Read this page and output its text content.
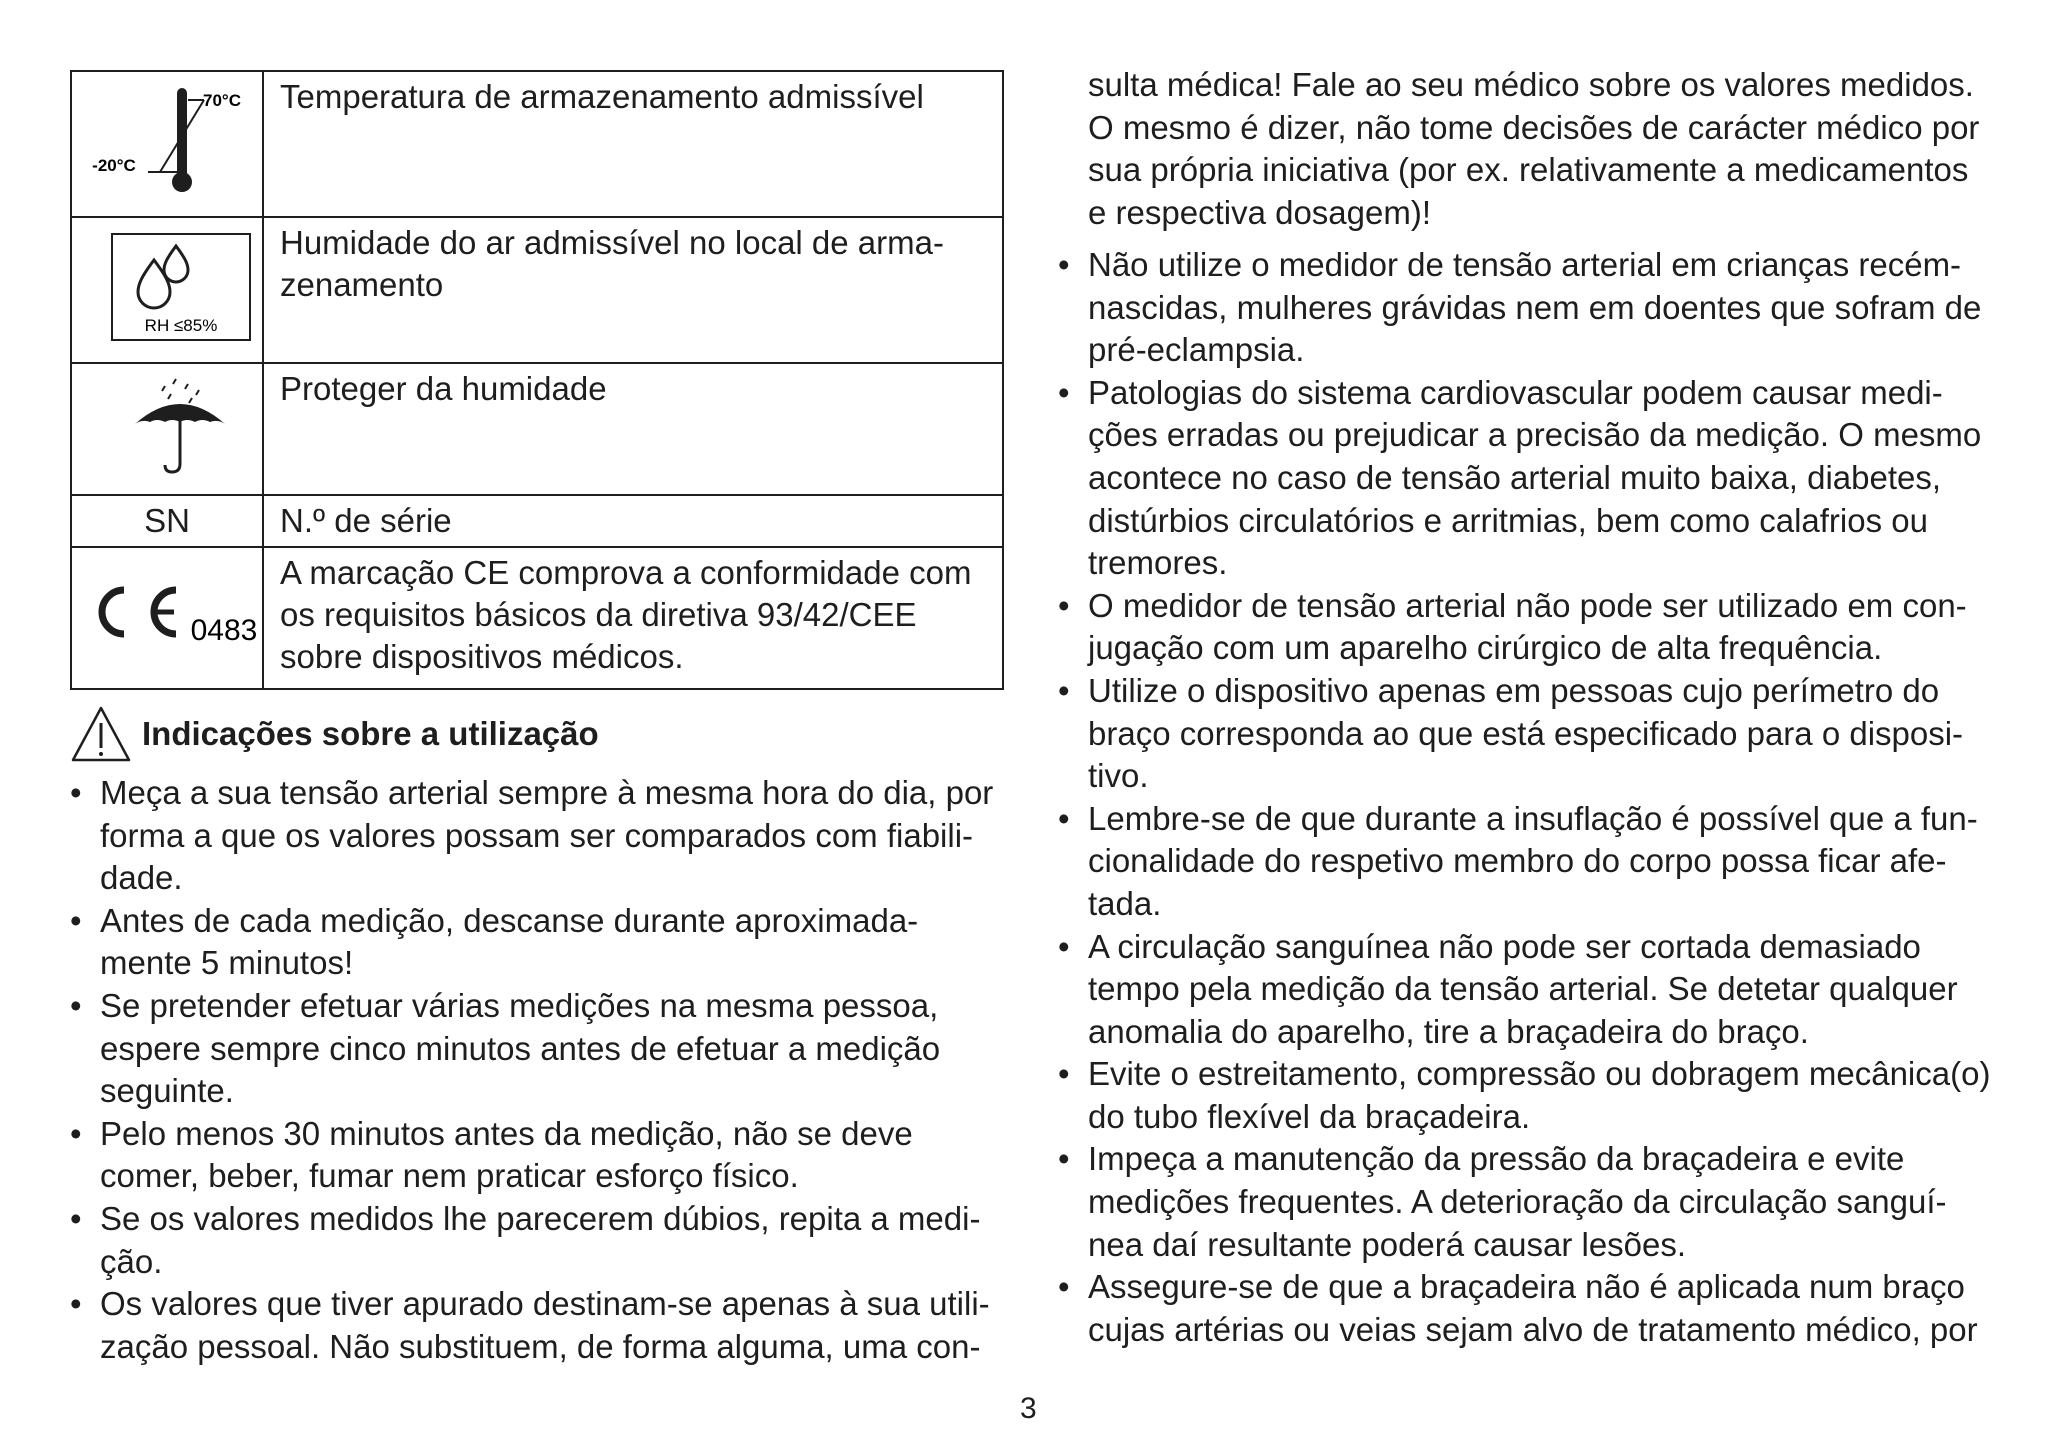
70°C
-20°C	Temperatura de armazenamento admissível

RH ≤85%	Humidade do ar admissível no local de arma-zenamento
	Proteger da humidade
SN	N.º de série

0483	A marcação CE comprova a conformidade com os requisitos básicos da diretiva 93/42/CEE sobre dispositivos médicos.
Indicações sobre a utilização
• Meça a sua tensão arterial sempre à mesma hora do dia, por forma a que os valores possam ser comparados com fiabili-dade.
• Antes de cada medição, descanse durante aproximada-mente 5 minutos!
• Se pretender efetuar várias medições na mesma pessoa, espere sempre cinco minutos antes de efetuar a medição seguinte.
• Pelo menos 30 minutos antes da medição, não se deve comer, beber, fumar nem praticar esforço físico.
• Se os valores medidos lhe parecerem dúbios, repita a medi-ção.
• Os valores que tiver apurado destinam-se apenas à sua utili-zação pessoal. Não substituem, de forma alguma, uma con-
sulta médica! Fale ao seu médico sobre os valores medidos. O mesmo é dizer, não tome decisões de carácter médico por sua própria iniciativa (por ex. relativamente a medicamentos e respectiva dosagem)!
• Não utilize o medidor de tensão arterial em crianças recém-nascidas, mulheres grávidas nem em doentes que sofram de pré-eclampsia.
• Patologias do sistema cardiovascular podem causar medi-ções erradas ou prejudicar a precisão da medição. O mesmo acontece no caso de tensão arterial muito baixa, diabetes, distúrbios circulatórios e arritmias, bem como calafrios ou tremores.
• O medidor de tensão arterial não pode ser utilizado em con-jugação com um aparelho cirúrgico de alta frequência.
• Utilize o dispositivo apenas em pessoas cujo perímetro do braço corresponda ao que está especificado para o disposi-tivo.
• Lembre-se de que durante a insuflação é possível que a fun-cionalidade do respetivo membro do corpo possa ficar afe-tada.
• A circulação sanguínea não pode ser cortada demasiado tempo pela medição da tensão arterial. Se detetar qualquer anomalia do aparelho, tire a braçadeira do braço.
• Evite o estreitamento, compressão ou dobragem mecânica(o) do tubo flexível da braçadeira.
• Impeça a manutenção da pressão da braçadeira e evite medições frequentes. A deterioração da circulação sanguí-nea daí resultante poderá causar lesões.
• Assegure-se de que a braçadeira não é aplicada num braço cujas artérias ou veias sejam alvo de tratamento médico, por
3
